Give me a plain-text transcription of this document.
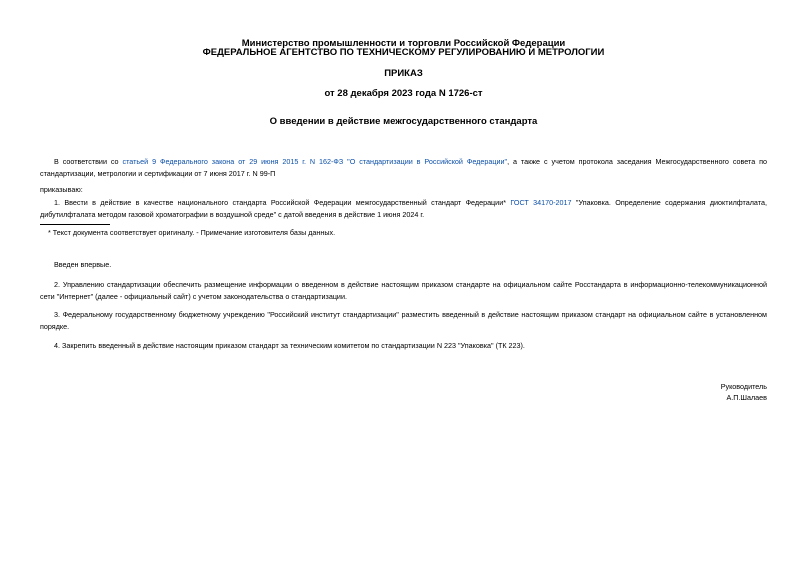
Министерство промышленности и торговли Российской Федерации
ФЕДЕРАЛЬНОЕ АГЕНТСТВО ПО ТЕХНИЧЕСКОМУ РЕГУЛИРОВАНИЮ И МЕТРОЛОГИИ
ПРИКАЗ
от 28 декабря 2023 года N 1726-ст
О введении в действие межгосударственного стандарта
В соответствии со статьей 9 Федерального закона от 29 июня 2015 г. N 162-ФЗ "О стандартизации в Российской Федерации", а также с учетом протокола заседания Межгосударственного совета по стандартизации, метрологии и сертификации от 7 июня 2017 г. N 99-П
приказываю:
1. Ввести в действие в качестве национального стандарта Российской Федерации межгосударственный стандарт Федерации* ГОСТ 34170-2017 "Упаковка. Определение содержания диоктилфталата, дибутилфталата методом газовой хроматографии в воздушной среде" с датой введения в действие 1 июня 2024 г.
* Текст документа соответствует оригиналу. - Примечание изготовителя базы данных.
Введен впервые.
2. Управлению стандартизации обеспечить размещение информации о введенном в действие настоящим приказом стандарте на официальном сайте Росстандарта в информационно-телекоммуникационной сети "Интернет" (далее - официальный сайт) с учетом законодательства о стандартизации.
3. Федеральному государственному бюджетному учреждению "Российский институт стандартизации" разместить введенный в действие настоящим приказом стандарт на официальном сайте в установленном порядке.
4. Закрепить введенный в действие настоящим приказом стандарт за техническим комитетом по стандартизации N 223 "Упаковка" (ТК 223).
Руководитель
А.П.Шалаев
